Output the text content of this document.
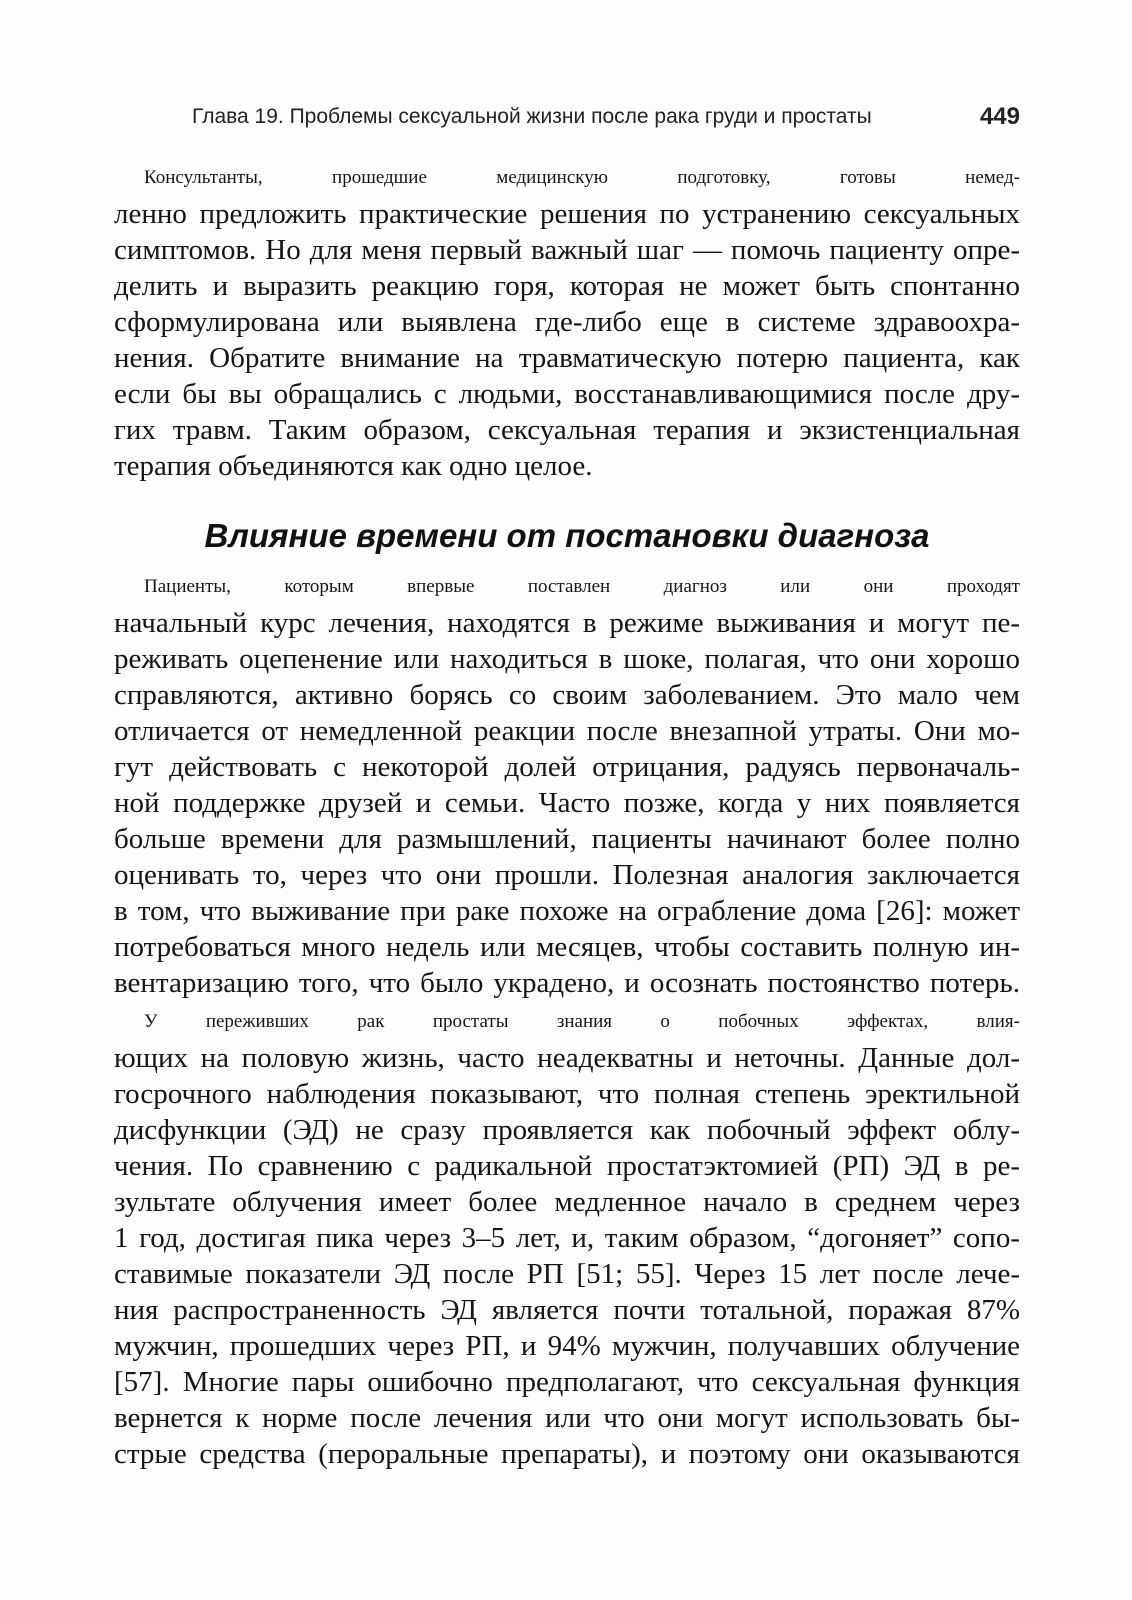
Глава 19. Проблемы сексуальной жизни после рака груди и простаты	449
Консультанты, прошедшие медицинскую подготовку, готовы немед-
ленно предложить практические решения по устранению сексуальных
симптомов. Но для меня первый важный шаг — помочь пациенту опре-
делить и выразить реакцию горя, которая не может быть спонтанно
сформулирована или выявлена где-либо еще в системе здравоохра-
нения. Обратите внимание на травматическую потерю пациента, как
если бы вы обращались с людьми, восстанавливающимися после дру-
гих травм. Таким образом, сексуальная терапия и экзистенциальная
терапия объединяются как одно целое.
Влияние времени от постановки диагноза
Пациенты, которым впервые поставлен диагноз или они проходят
начальный курс лечения, находятся в режиме выживания и могут пе-
реживать оцепенение или находиться в шоке, полагая, что они хорошо
справляются, активно борясь со своим заболеванием. Это мало чем
отличается от немедленной реакции после внезапной утраты. Они мо-
гут действовать с некоторой долей отрицания, радуясь первоначаль-
ной поддержке друзей и семьи. Часто позже, когда у них появляется
больше времени для размышлений, пациенты начинают более полно
оценивать то, через что они прошли. Полезная аналогия заключается
в том, что выживание при раке похоже на ограбление дома [26]: может
потребоваться много недель или месяцев, чтобы составить полную ин-
вентаризацию того, что было украдено, и осознать постоянство потерь.
У переживших рак простаты знания о побочных эффектах, влия-
ющих на половую жизнь, часто неадекватны и неточны. Данные дол-
госрочного наблюдения показывают, что полная степень эректильной
дисфункции (ЭД) не сразу проявляется как побочный эффект облу-
чения. По сравнению с радикальной простатэктомией (РП) ЭД в ре-
зультате облучения имеет более медленное начало в среднем через
1 год, достигая пика через 3–5 лет, и, таким образом, “догоняет” сопо-
ставимые показатели ЭД после РП [51; 55]. Через 15 лет после лече-
ния распространенность ЭД является почти тотальной, поражая 87%
мужчин, прошедших через РП, и 94% мужчин, получавших облучение
[57]. Многие пары ошибочно предполагают, что сексуальная функция
вернется к норме после лечения или что они могут использовать бы-
стрые средства (пероральные препараты), и поэтому они оказываются
